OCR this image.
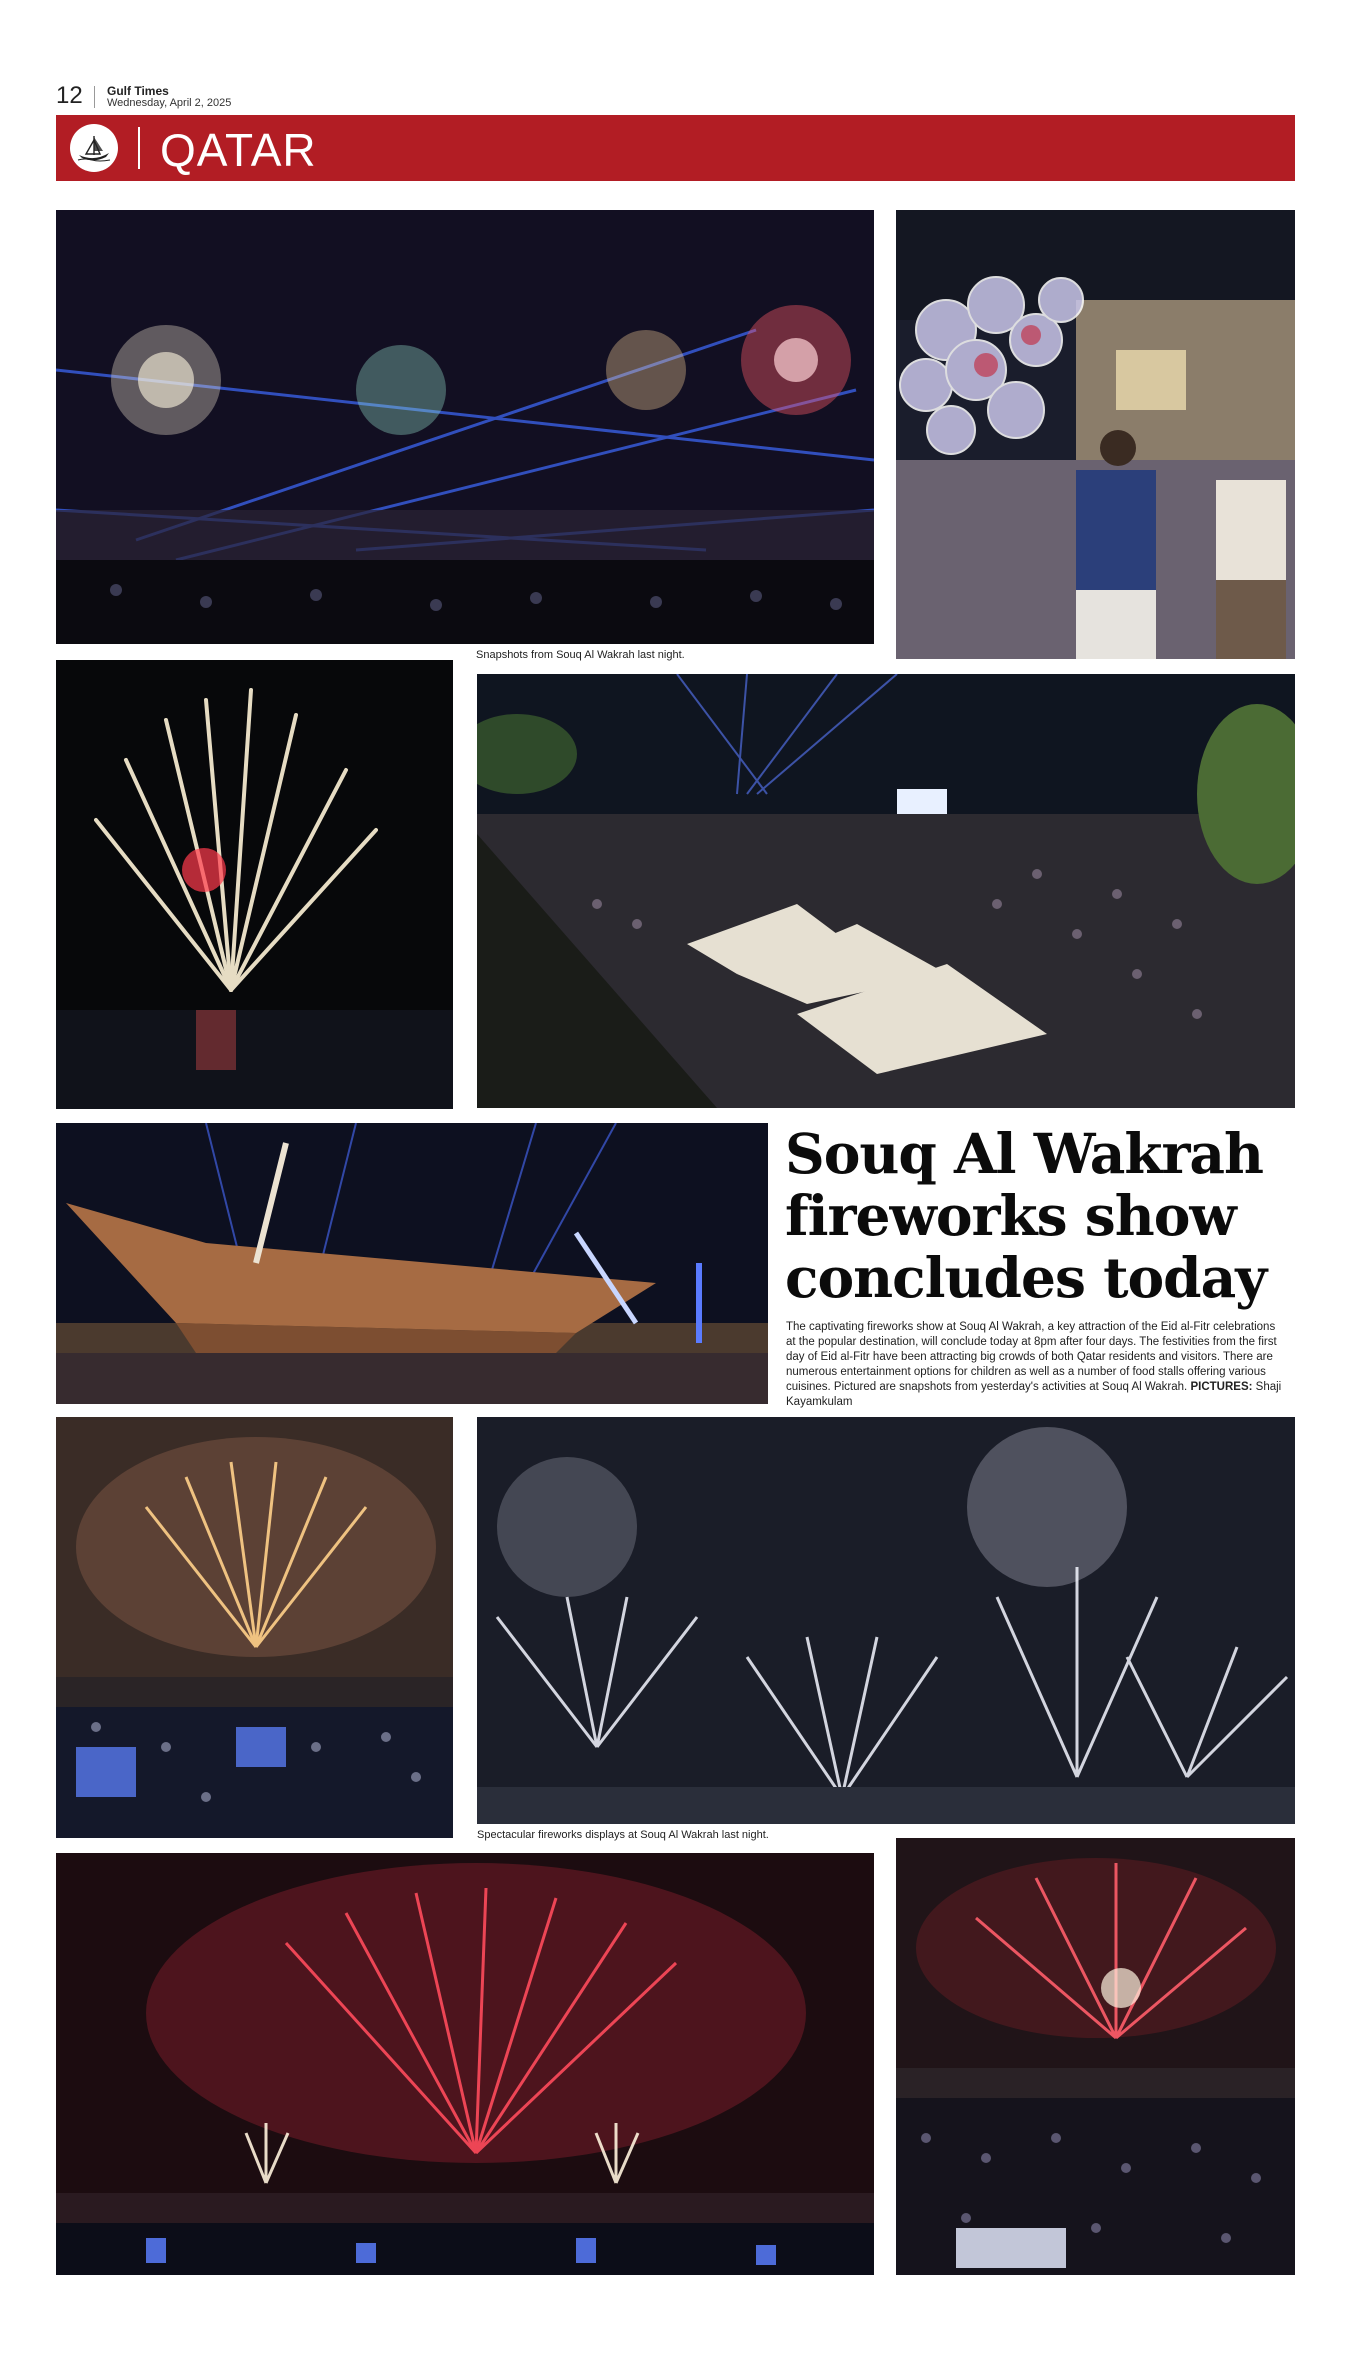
12 Gulf Times
Wednesday, April 2, 2025
QATAR
Snapshots from Souq Al Wakrah last night.
Souq Al Wakrah fireworks show concludes today
The captivating fireworks show at Souq Al Wakrah, a key attraction of the Eid al-Fitr celebrations at the popular destination, will conclude today at 8pm after four days. The festivities from the first day of Eid al-Fitr have been attracting big crowds of both Qatar residents and visitors. There are numerous entertainment options for children as well as a number of food stalls offering various cuisines. Pictured are snapshots from yesterday's activities at Souq Al Wakrah. PICTURES: Shaji Kayamkulam
Spectacular fireworks displays at Souq Al Wakrah last night.
